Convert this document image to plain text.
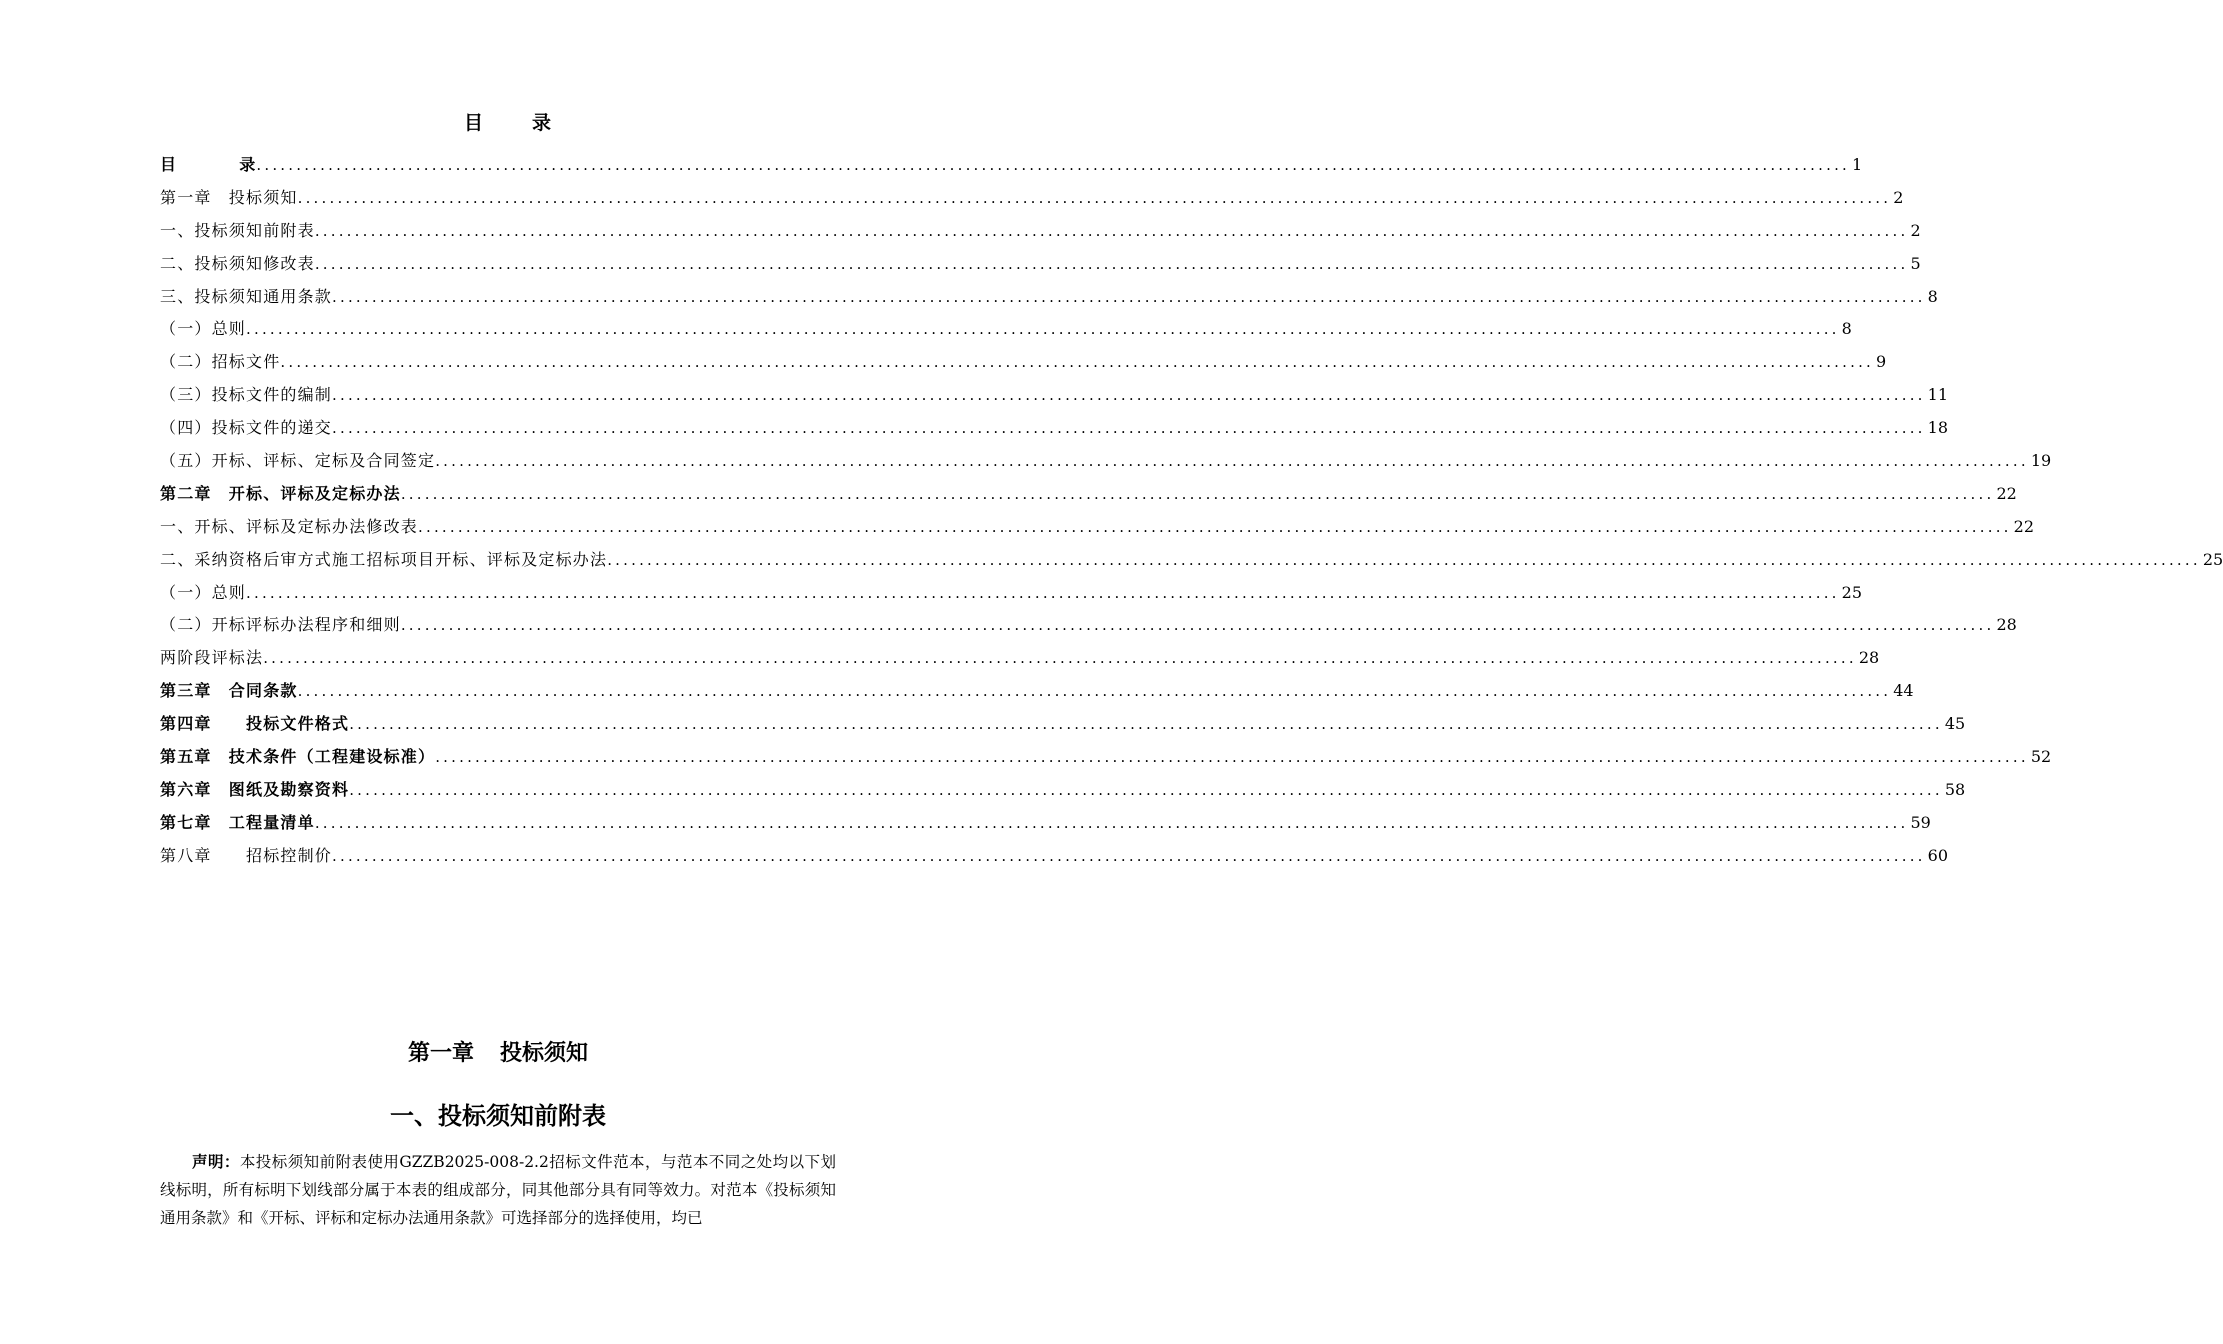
目	录
目	录 ........................................................................................................................................................................................................ 1
第一章　投标须知 ........................................................................................................................................................................................................ 2
一、投标须知前附表 ........................................................................................................................................................................................................ 2
二、投标须知修改表 ........................................................................................................................................................................................................ 5
三、投标须知通用条款 ........................................................................................................................................................................................................ 8
（一）总则 ........................................................................................................................................................................................................ 8
（二）招标文件 ........................................................................................................................................................................................................ 9
（三）投标文件的编制 ........................................................................................................................................................................................................ 11
（四）投标文件的递交 ........................................................................................................................................................................................................ 18
（五）开标、评标、定标及合同签定 ........................................................................................................................................................................................................ 19
第二章　开标、评标及定标办法 ........................................................................................................................................................................................................ 22
一、开标、评标及定标办法修改表 ........................................................................................................................................................................................................ 22
二、采纳资格后审方式施工招标项目开标、评标及定标办法 ........................................................................................................................................................................................................ 25
（一）总则 ........................................................................................................................................................................................................ 25
（二）开标评标办法程序和细则 ........................................................................................................................................................................................................ 28
两阶段评标法 ........................................................................................................................................................................................................ 28
第三章　合同条款 ........................................................................................................................................................................................................ 44
第四章　　投标文件格式 ........................................................................................................................................................................................................ 45
第五章　技术条件（工程建设标准） ........................................................................................................................................................................................................ 52
第六章　图纸及勘察资料 ........................................................................................................................................................................................................ 58
第七章　工程量清单 ........................................................................................................................................................................................................ 59
第八章　　招标控制价 ........................................................................................................................................................................................................ 60
第一章 投标须知
一、投标须知前附表

声明：本投标须知前附表使用GZZB2025-008-2.2招标文件范本，与范本不同之处均以下划线标明，所有标明下划线部分属于本表的组成部分，同其他部分具有同等效力。对范本《投标须知通用条款》和《开标、评标和定标办法通用条款》可选择部分的选择使用，均已
